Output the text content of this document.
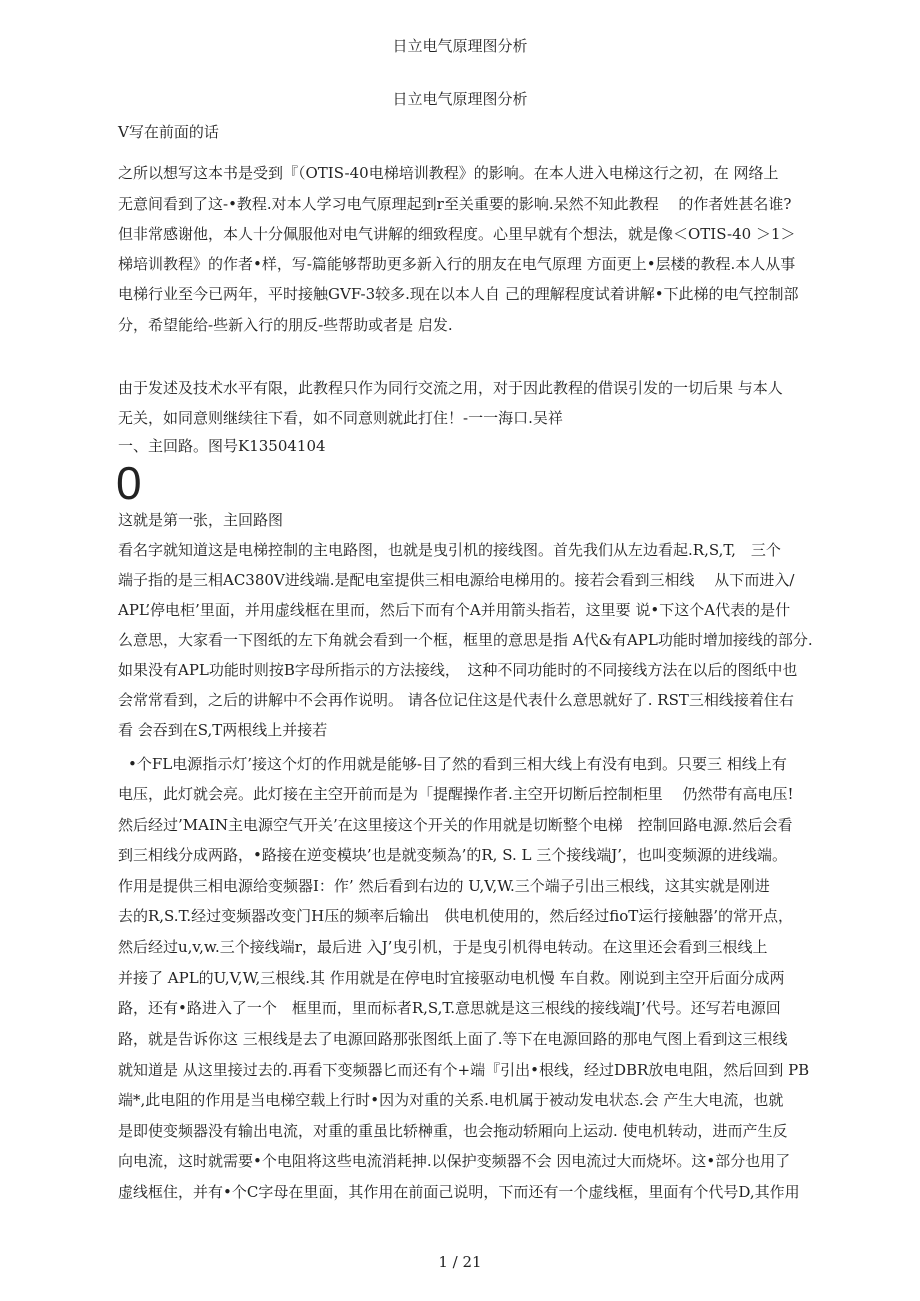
日立电气原理图分析
日立电气原理图分析
V写在前面的话
之所以想写这本书是受到『（OTIS-40电梯培训教程》的影响。在本人进入电梯这行之初，在 网络上
无意间看到了这-•教程.对本人学习电气原理起到r至关重要的影响.呆然不知此教程　 的作者姓甚名谁?
但非常感谢他，本人十分佩服他对电气讲解的细致程度。心里早就有个想法，就是像＜OTIS-40 ＞1＞
梯培训教程》的作者•样，写-篇能够帮助更多新入行的朋友在电气原理 方面更上•层楼的教程.本人从事
电梯行业至今已两年，平时接触GVF-3较多.现在以本人自 己的理解程度试着讲解•下此梯的电气控制部
分，希望能给-些新入行的朋反-些帮助或者是 启发.
由于发述及技术水平有限，此教程只作为同行交流之用，对于因此教程的借误引发的一切后果 与本人
无关，如同意则继续往下看，如不同意则就此打住！-一一海口.吴祥
一、主回路。图号K13504104
0
这就是第一张，主回路图
看名字就知道这是电梯控制的主电路图，也就是曳引机的接线图。首先我们从左边看起.R,S,T,　三个
端子指的是三相AC380V进线端.是配电室提供三相电源给电梯用的。接若会看到三相线　 从下而进入/
APL’停电柜’里面，并用虚线框在里而，然后下而有个A并用箭头指若，这里要 说•下这个A代表的是什
么意思，大家看一下图纸的左下角就会看到一个框，框里的意思是指 A代&有APL功能时增加接线的部分.
如果没有APL功能时则按B字母所指示的方法接线，　这种不同功能时的不同接线方法在以后的图纸中也
会常常看到，之后的讲解中不会再作说明。 请各位记住这是代表什么意思就好了. RST三相线接着住右
看 会吞到在S,T两根线上并接若
•个FL电源指示灯’接这个灯的作用就是能够-目了然的看到三相大线上有没有电到。只要三 相线上有
电压，此灯就会亮。此灯接在主空开前而是为「提醒操作者.主空开切断后控制柜里　 仍然带有高电压!
然后经过’MAIN主电源空气开关’在这里接这个开关的作用就是切断整个电梯　控制回路电源.然后会看
到三相线分成两路，•路接在逆变模块’也是就变频為’的R, S. L 三个接线端J’，也叫变频源的进线端。
作用是提供三相电源给变频器I：作’ 然后看到右边的 U,V,W.三个端子引出三根线，这其实就是刚进
去的R,S.T.经过变频器改变门H压的频率后输出　供电机使用的，然后经过fioT运行接触器’的常开点，
然后经过u,v,w.三个接线端r，最后进 入J’曳引机，于是曳引机得电转动。在这里还会看到三根线上
并接了 APL的U,V,W,三根线.其 作用就是在停电时宜接驱动电机慢 车自救。刚说到主空开后面分成两
路，还有•路进入了一个　框里而，里而标者R,S,T.意思就是这三根线的接线端J’代号。还写若电源回
路，就是告诉你这 三根线是去了电源回路那张图纸上面了.等下在电源回路的那电气图上看到这三根线
就知道是 从这里接过去的.再看下变频器匕而还有个+端『引出•根线，经过DBR放电电阻，然后回到 PB
端*,此电阻的作用是当电梯空载上行时•因为对重的关系.电机属于被动发电状态.会 产生大电流，也就
是即使变频器没有输出电流，对重的重虽比轿榊重，也会拖动轿厢向上运动. 使电机转动，进而产生反
向电流，这时就需要•个电阻将这些电流消耗抻.以保护变频器不会 因电流过大而烧坏。这•部分也用了
虚线框住，并有•个C字母在里面，其作用在前面己说明，下而还有一个虚线框，里面有个代号D,其作用
1 / 21
